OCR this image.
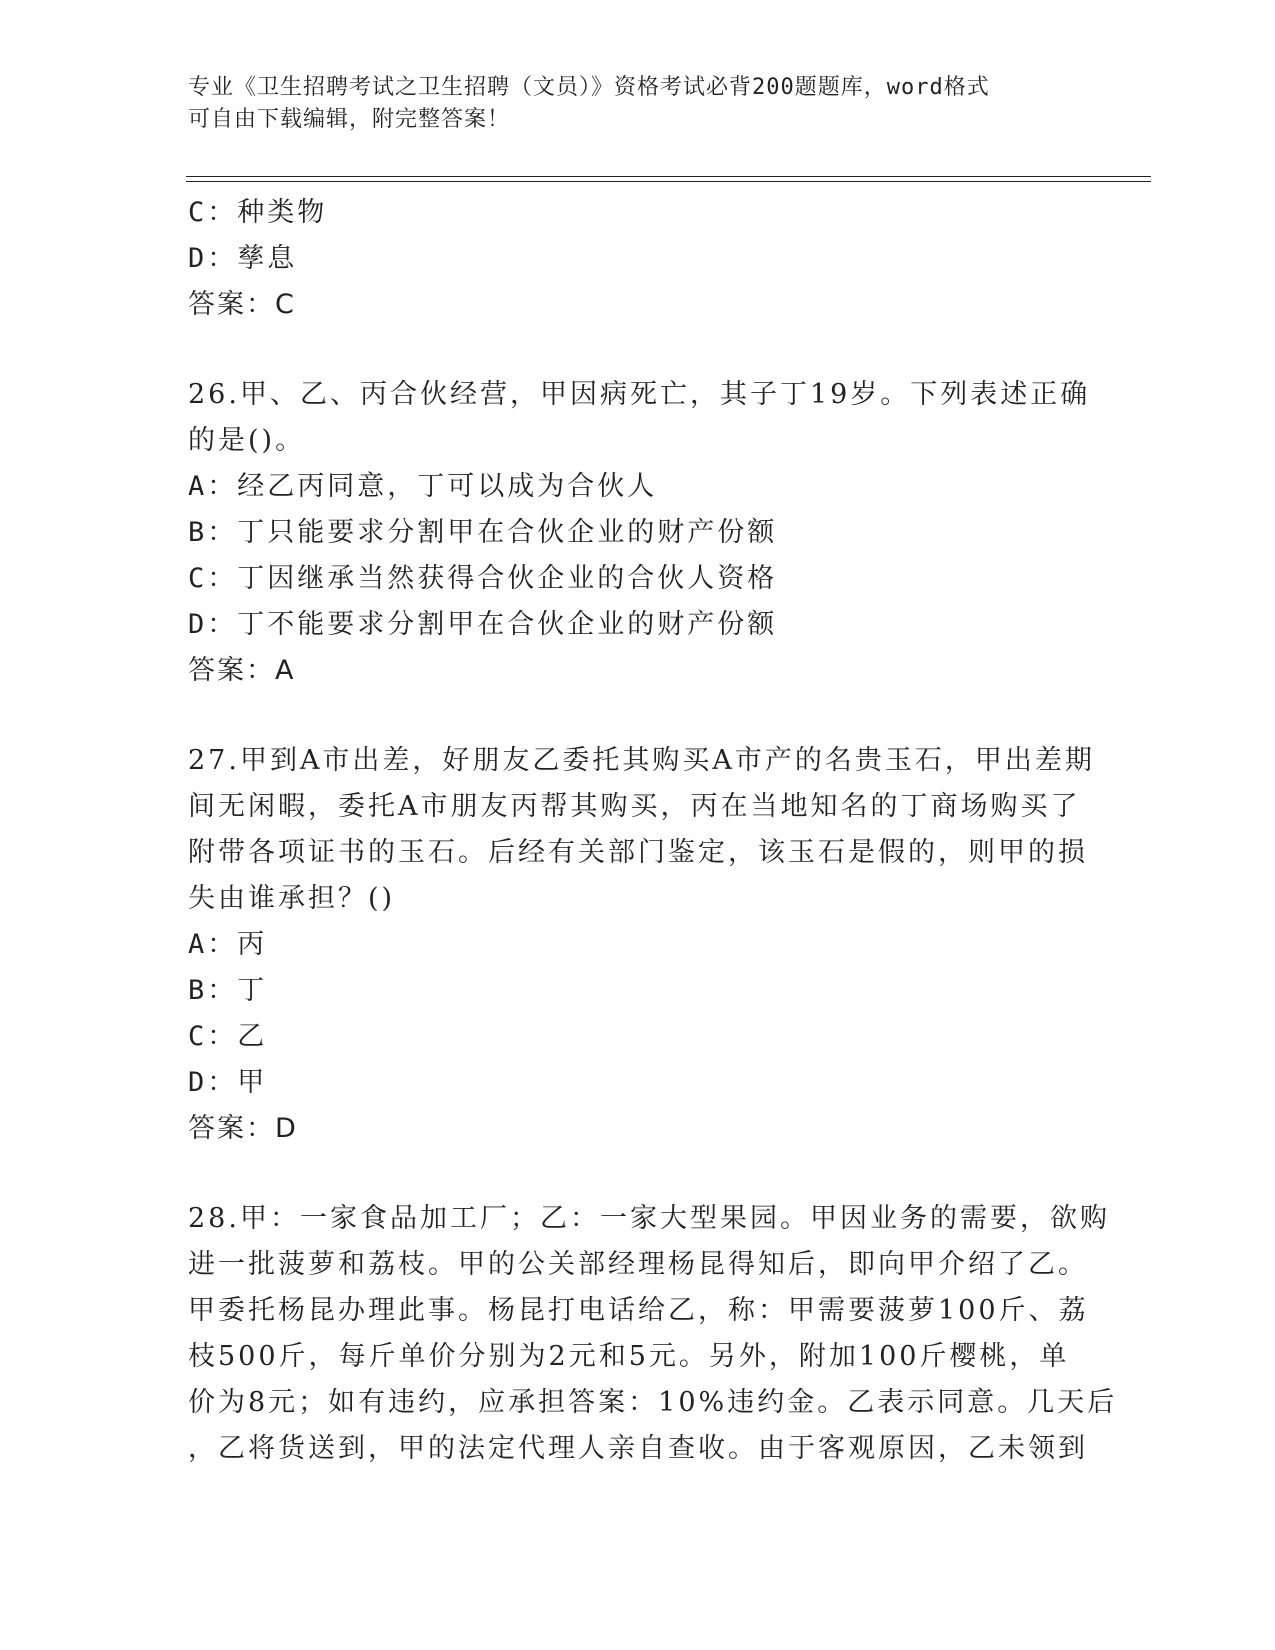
专业《卫生招聘考试之卫生招聘（文员）》资格考试必背200题题库，word格式
可自由下载编辑，附完整答案！
C：种类物
D：孳息
答案：C
26.甲、乙、丙合伙经营，甲因病死亡，其子丁19岁。下列表述正确
的是()。
A：经乙丙同意，丁可以成为合伙人
B：丁只能要求分割甲在合伙企业的财产份额
C：丁因继承当然获得合伙企业的合伙人资格
D：丁不能要求分割甲在合伙企业的财产份额
答案：A
27.甲到A市出差，好朋友乙委托其购买A市产的名贵玉石，甲出差期
间无闲暇，委托A市朋友丙帮其购买，丙在当地知名的丁商场购买了
附带各项证书的玉石。后经有关部门鉴定，该玉石是假的，则甲的损
失由谁承担？()
A：丙
B：丁
C：乙
D：甲
答案：D
28.甲：一家食品加工厂；乙：一家大型果园。甲因业务的需要，欲购
进一批菠萝和荔枝。甲的公关部经理杨昆得知后，即向甲介绍了乙。
甲委托杨昆办理此事。杨昆打电话给乙，称：甲需要菠萝100斤、荔
枝500斤，每斤单价分别为2元和5元。另外，附加100斤樱桃，单
价为8元；如有违约，应承担答案：10%违约金。乙表示同意。几天后
，乙将货送到，甲的法定代理人亲自查收。由于客观原因，乙未领到
